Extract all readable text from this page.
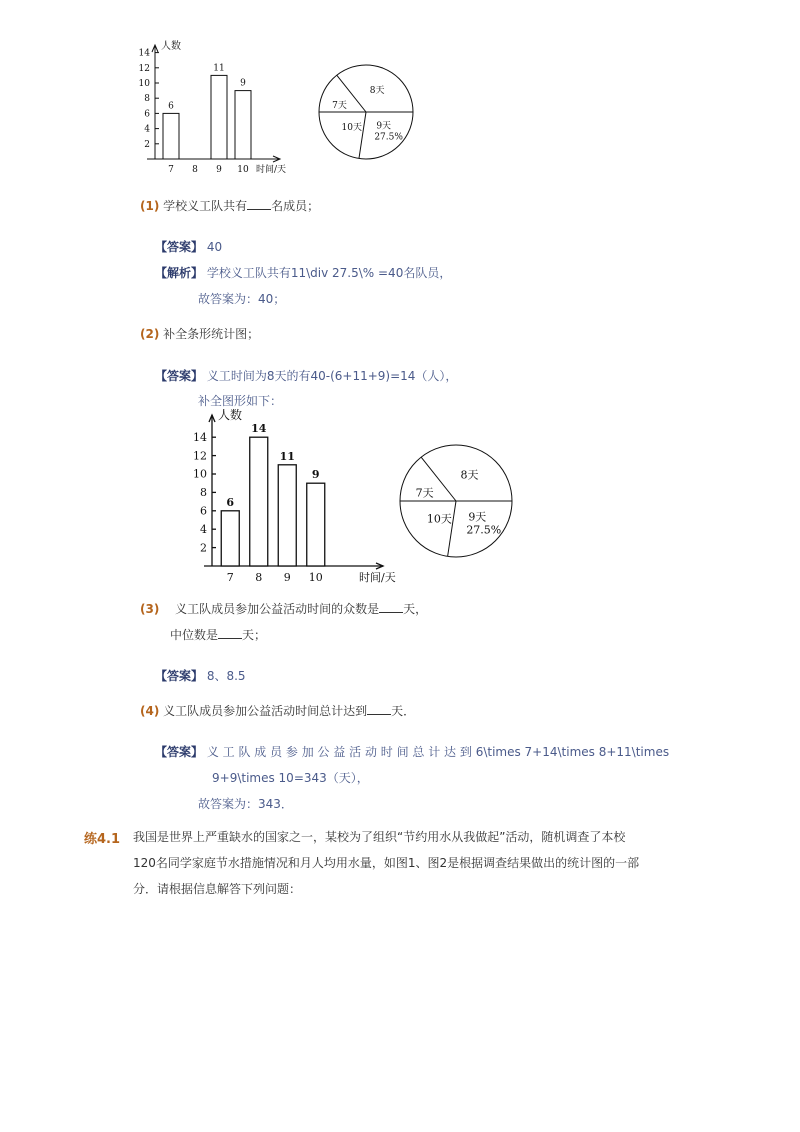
人数
时间/天
2
4
6
8
10
12
14
7
6
8 9
11
10
9
8天
9天
27.5%
10天
7天
人数
时间/天
2
4
6
8
10
12
14
7
6
8
14
9
11
10
9	8天
9天
27.5%
10天
7天
(1) 学校义工队共有 名成员；
【答案】 40
【解析】 学校义工队共有11\div 27.5\% =40名队员，
故答案为：40；
(2) 补全条形统计图；
【答案】 义工时间为8天的有40-(6+11+9)=14（人），
补全图形如下：
(3) 义工队成员参加公益活动时间的众数是 天，
中位数是 天；
【答案】 8、8.5
(4) 义工队成员参加公益活动时间总计达到 天．
【答案】 义 工 队 成 员 参 加 公 益 活 动 时 间 总 计 达 到 6\times 7+14\times 8+11\times
9+9\times 10=343（天），
故答案为：343．
练4.1 我国是世界上严重缺水的国家之一，某校为了组织“节约用水从我做起”活动，随机调查了本校
120名同学家庭节水措施情况和月人均用水量，如图1、图2是根据调查结果做出的统计图的一部
分．请根据信息解答下列问题：
